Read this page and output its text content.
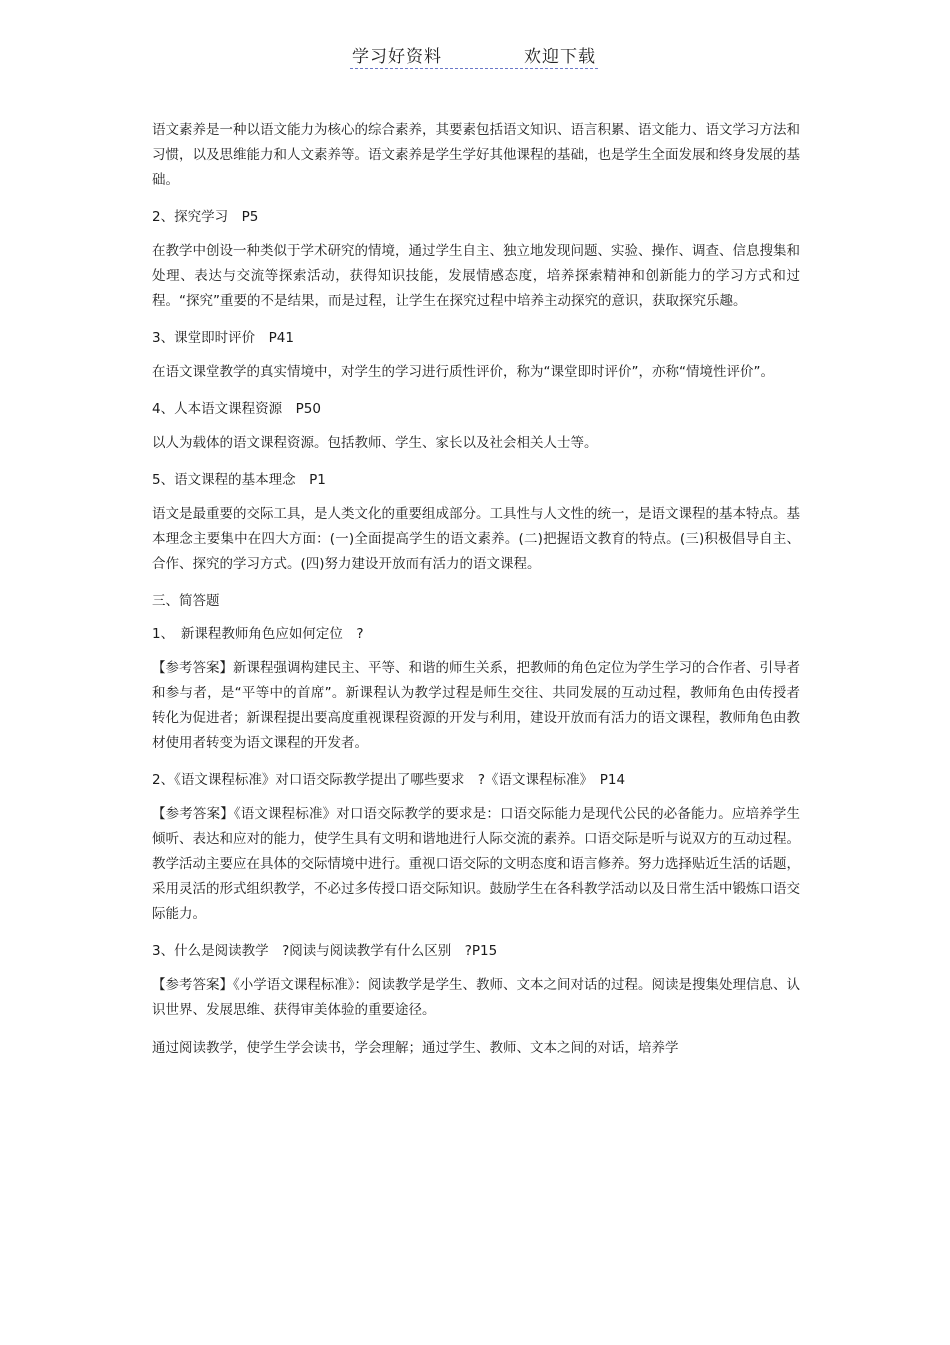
学习好资料	欢迎下载

语文素养是一种以语文能力为核心的综合素养，其要素包括语文知识、语言积累、语文能力、语文学习方法和习惯，以及思维能力和人文素养等。语文素养是学生学好其他课程的基础，也是学生全面发展和终身发展的基础。

2、探究学习　P5

在教学中创设一种类似于学术研究的情境，通过学生自主、独立地发现问题、实验、操作、调查、信息搜集和处理、表达与交流等探索活动，获得知识技能，发展情感态度，培养探索精神和创新能力的学习方式和过程。“探究”重要的不是结果，而是过程，让学生在探究过程中培养主动探究的意识，获取探究乐趣。

3、课堂即时评价　P41

在语文课堂教学的真实情境中，对学生的学习进行质性评价，称为“课堂即时评价”，亦称“情境性评价”。

4、人本语文课程资源　P50

以人为载体的语文课程资源。包括教师、学生、家长以及社会相关人士等。

5、语文课程的基本理念　P1

语文是最重要的交际工具，是人类文化的重要组成部分。工具性与人文性的统一，是语文课程的基本特点。基本理念主要集中在四大方面：(一)全面提高学生的语文素养。(二)把握语文教育的特点。(三)积极倡导自主、合作、探究的学习方式。(四)努力建设开放而有活力的语文课程。

三、简答题

1、　新课程教师角色应如何定位　?

【参考答案】新课程强调构建民主、平等、和谐的师生关系，把教师的角色定位为学生学习的合作者、引导者和参与者，是“平等中的首席”。新课程认为教学过程是师生交往、共同发展的互动过程，教师角色由传授者转化为促进者；新课程提出要高度重视课程资源的开发与利用，建设开放而有活力的语文课程，教师角色由教材使用者转变为语文课程的开发者。

2、《语文课程标准》对口语交际教学提出了哪些要求　?《语文课程标准》　P14

【参考答案】《语文课程标准》对口语交际教学的要求是：口语交际能力是现代公民的必备能力。应培养学生倾听、表达和应对的能力，使学生具有文明和谐地进行人际交流的素养。口语交际是听与说双方的互动过程。教学活动主要应在具体的交际情境中进行。重视口语交际的文明态度和语言修养。努力选择贴近生活的话题，采用灵活的形式组织教学，不必过多传授口语交际知识。鼓励学生在各科教学活动以及日常生活中锻炼口语交际能力。

3、什么是阅读教学　?阅读与阅读教学有什么区别　?P15

【参考答案】《小学语文课程标准》：阅读教学是学生、教师、文本之间对话的过程。阅读是搜集处理信息、认识世界、发展思维、获得审美体验的重要途径。

通过阅读教学，使学生学会读书，学会理解；通过学生、教师、文本之间的对话，培养学
